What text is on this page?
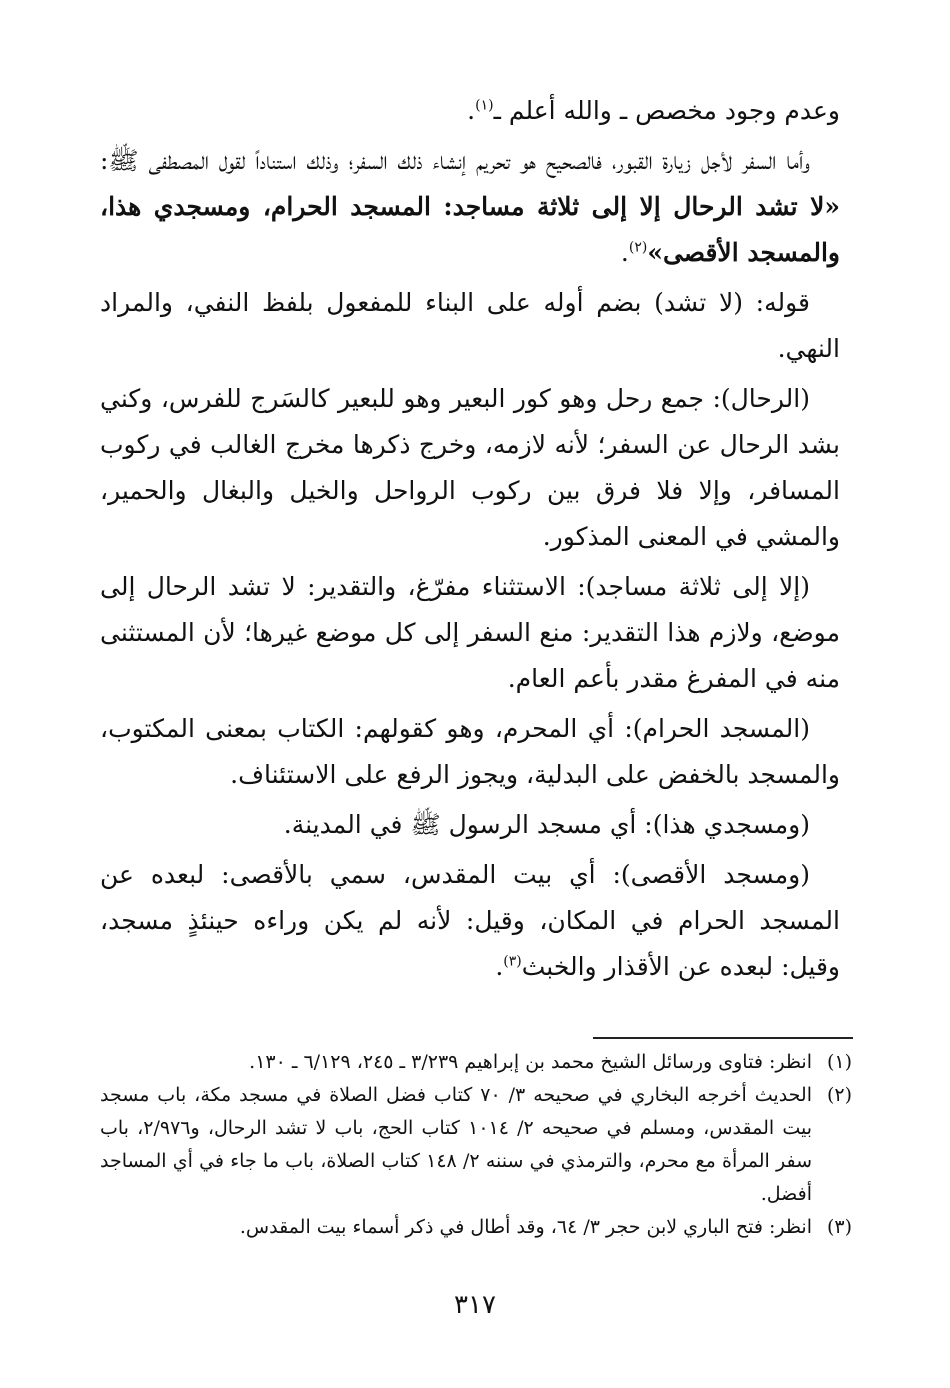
وعدم وجود مخصص ـ والله أعلم ـ$^{(١)}$.

وأما السفر لأجل زيارة القبور، فالصحيح هو تحريم إنشاء ذلك السفر؛ وذلك استناداً لقول المصطفى ﷺ: «لا تشد الرحال إلا إلى ثلاثة مساجد: المسجد الحرام، ومسجدي هذا، والمسجد الأقصى»$^{(٢)}$.

قوله: (لا تشد) بضم أوله على البناء للمفعول بلفظ النفي، والمراد النهي.

(الرحال): جمع رحل وهو كور البعير وهو للبعير كالسَرج للفرس، وكني بشد الرحال عن السفر؛ لأنه لازمه، وخرج ذكرها مخرج الغالب في ركوب المسافر، وإلا فلا فرق بين ركوب الرواحل والخيل والبغال والحمير، والمشي في المعنى المذكور.

(إلا إلى ثلاثة مساجد): الاستثناء مفرّغ، والتقدير: لا تشد الرحال إلى موضع، ولازم هذا التقدير: منع السفر إلى كل موضع غيرها؛ لأن المستثنى منه في المفرغ مقدر بأعم العام.

(المسجد الحرام): أي المحرم، وهو كقولهم: الكتاب بمعنى المكتوب، والمسجد بالخفض على البدلية، ويجوز الرفع على الاستئناف.

(ومسجدي هذا): أي مسجد الرسول ﷺ في المدينة.

(ومسجد الأقصى): أي بيت المقدس، سمي بالأقصى: لبعده عن المسجد الحرام في المكان، وقيل: لأنه لم يكن وراءه حينئذٍ مسجد، وقيل: لبعده عن الأقذار والخبث$^{(٣)}$.

(١)
انظر: فتاوى ورسائل الشيخ محمد بن إبراهيم ٣/٢٣٩ ـ ٢٤٥، ٦/١٢٩ ـ ١٣٠.
(٢)
الحديث أخرجه البخاري في صحيحه ٣/ ٧٠ كتاب فضل الصلاة في مسجد مكة، باب مسجد بيت المقدس، ومسلم في صحيحه ٢/ ١٠١٤ كتاب الحج، باب لا تشد الرحال، و٢/٩٧٦، باب سفر المرأة مع محرم، والترمذي في سننه ٢/ ١٤٨ كتاب الصلاة، باب ما جاء في أي المساجد أفضل.
(٣)
انظر: فتح الباري لابن حجر ٣/ ٦٤، وقد أطال في ذكر أسماء بيت المقدس.
٣١٧
